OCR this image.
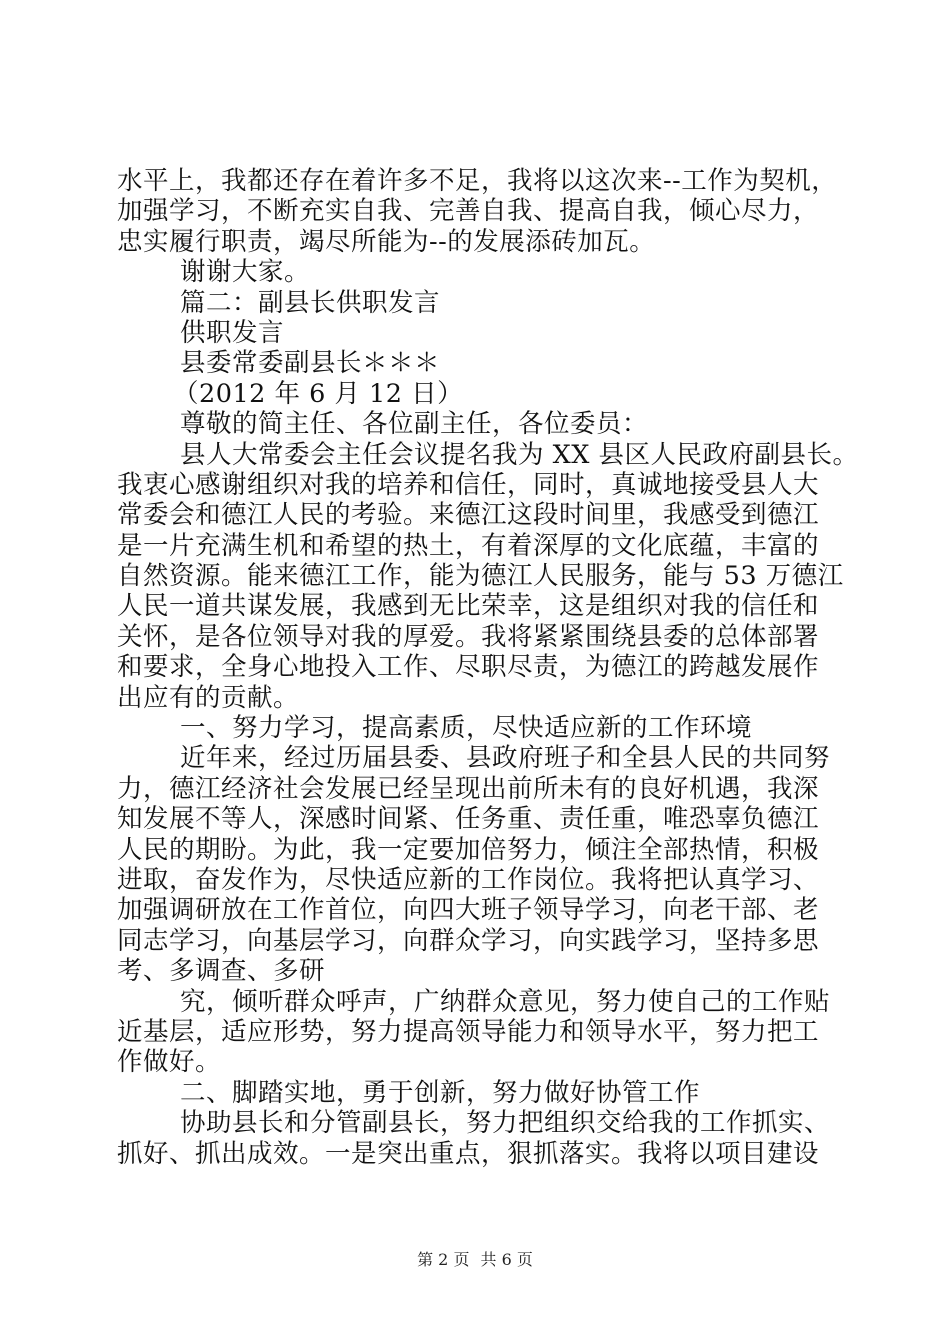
水平上，我都还存在着许多不足，我将以这次来--工作为契机，
加强学习，不断充实自我、完善自我、提高自我，倾心尽力，
忠实履行职责，竭尽所能为--的发展添砖加瓦。
谢谢大家。
篇二：副县长供职发言
供职发言
县委常委副县长＊＊＊
（2012 年 6 月 12 日）
尊敬的简主任、各位副主任，各位委员：
县人大常委会主任会议提名我为 XX 县区人民政府副县长。
我衷心感谢组织对我的培养和信任，同时，真诚地接受县人大
常委会和德江人民的考验。来德江这段时间里，我感受到德江
是一片充满生机和希望的热土，有着深厚的文化底蕴，丰富的
自然资源。能来德江工作，能为德江人民服务，能与 53 万德江
人民一道共谋发展，我感到无比荣幸，这是组织对我的信任和
关怀，是各位领导对我的厚爱。我将紧紧围绕县委的总体部署
和要求，全身心地投入工作、尽职尽责，为德江的跨越发展作
出应有的贡献。
一、努力学习，提高素质，尽快适应新的工作环境
近年来，经过历届县委、县政府班子和全县人民的共同努
力，德江经济社会发展已经呈现出前所未有的良好机遇，我深
知发展不等人，深感时间紧、任务重、责任重，唯恐辜负德江
人民的期盼。为此，我一定要加倍努力，倾注全部热情，积极
进取，奋发作为，尽快适应新的工作岗位。我将把认真学习、
加强调研放在工作首位，向四大班子领导学习，向老干部、老
同志学习，向基层学习，向群众学习，向实践学习，坚持多思
考、多调查、多研
究，倾听群众呼声，广纳群众意见，努力使自己的工作贴
近基层，适应形势，努力提高领导能力和领导水平，努力把工
作做好。
二、脚踏实地，勇于创新，努力做好协管工作
协助县长和分管副县长，努力把组织交给我的工作抓实、
抓好、抓出成效。一是突出重点，狠抓落实。我将以项目建设
第 2 页 共 6 页
